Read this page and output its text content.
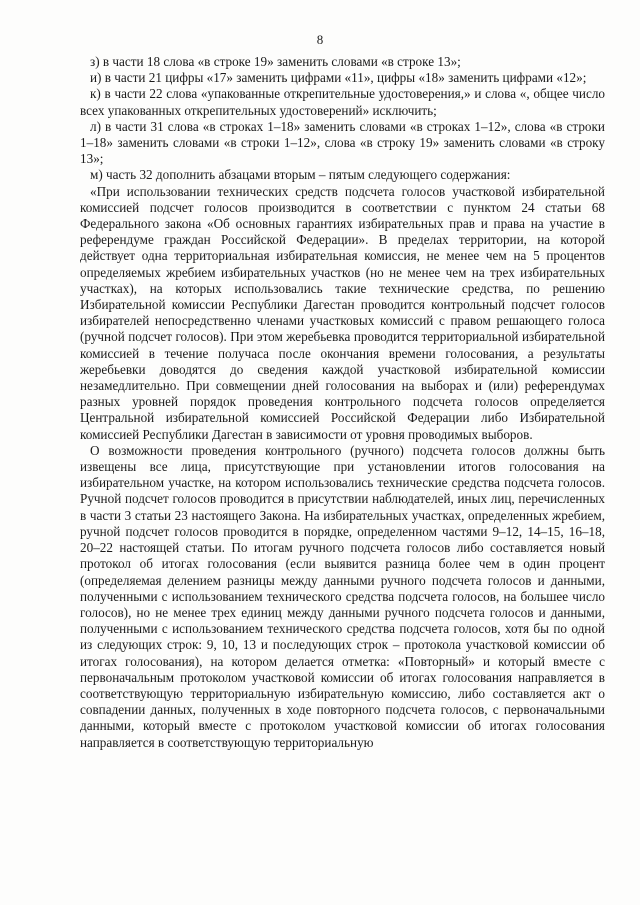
8

з) в части 18 слова «в строке 19» заменить словами «в строке 13»;

и) в части 21 цифры «17» заменить цифрами «11», цифры «18» заменить цифрами «12»;

к) в части 22 слова «упакованные открепительные удостоверения,» и слова «, общее число всех упакованных открепительных удостоверений» исключить;

л) в части 31 слова «в строках 1–18» заменить словами «в строках 1–12», слова «в строки 1–18» заменить словами «в строки 1–12», слова «в строку 19» заменить словами «в строку 13»;

м) часть 32 дополнить абзацами вторым – пятым следующего содержания:

«При использовании технических средств подсчета голосов участковой избирательной комиссией подсчет голосов производится в соответствии с пунктом 24 статьи 68 Федерального закона «Об основных гарантиях избирательных прав и права на участие в референдуме граждан Российской Федерации». В пределах территории, на которой действует одна территориальная избирательная комиссия, не менее чем на 5 процентов определяемых жребием избирательных участков (но не менее чем на трех избирательных участках), на которых использовались такие технические средства, по решению Избирательной комиссии Республики Дагестан проводится контрольный подсчет голосов избирателей непосредственно членами участковых комиссий с правом решающего голоса (ручной подсчет голосов). При этом жеребьевка проводится территориальной избирательной комиссией в течение получаса после окончания времени голосования, а результаты жеребьевки доводятся до сведения каждой участковой избирательной комиссии незамедлительно. При совмещении дней голосования на выборах и (или) референдумах разных уровней порядок проведения контрольного подсчета голосов определяется Центральной избирательной комиссией Российской Федерации либо Избирательной комиссией Республики Дагестан в зависимости от уровня проводимых выборов.

О возможности проведения контрольного (ручного) подсчета голосов должны быть извещены все лица, присутствующие при установлении итогов голосования на избирательном участке, на котором использовались технические средства подсчета голосов. Ручной подсчет голосов проводится в присутствии наблюдателей, иных лиц, перечисленных в части 3 статьи 23 настоящего Закона. На избирательных участках, определенных жребием, ручной подсчет голосов проводится в порядке, определенном частями 9–12, 14–15, 16–18, 20–22 настоящей статьи. По итогам ручного подсчета голосов либо составляется новый протокол об итогах голосования (если выявится разница более чем в один процент (определяемая делением разницы между данными ручного подсчета голосов и данными, полученными с использованием технического средства подсчета голосов, на большее число голосов), но не менее трех единиц между данными ручного подсчета голосов и данными, полученными с использованием технического средства подсчета голосов, хотя бы по одной из следующих строк: 9, 10, 13 и последующих строк – протокола участковой комиссии об итогах голосования), на котором делается отметка: «Повторный» и который вместе с первоначальным протоколом участковой комиссии об итогах голосования направляется в соответствующую территориальную избирательную комиссию, либо составляется акт о совпадении данных, полученных в ходе повторного подсчета голосов, с первоначальными данными, который вместе с протоколом участковой комиссии об итогах голосования направляется в соответствующую территориальную
